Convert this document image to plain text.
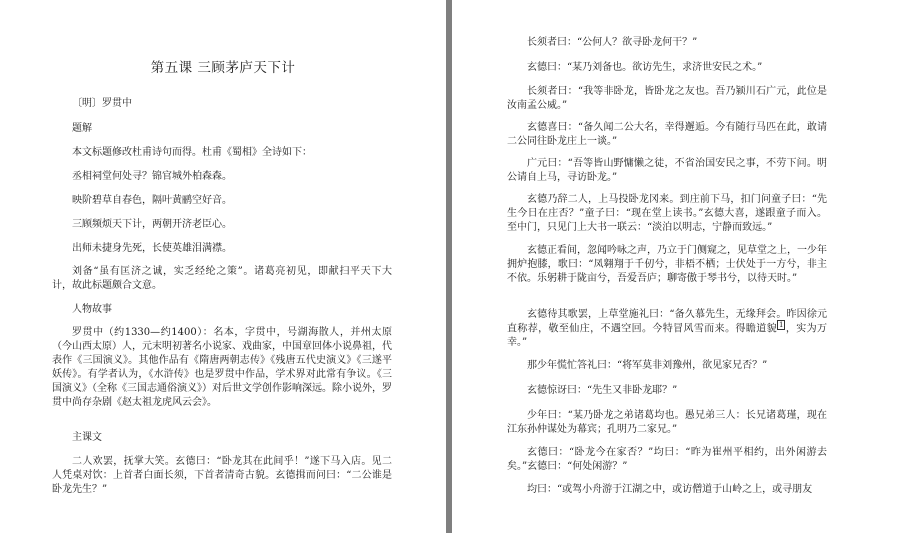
第五课 三顾茅庐天下计
〔明〕罗贯中
题解
本文标题修改杜甫诗句而得。杜甫《蜀相》全诗如下：
丞相祠堂何处寻？锦官城外柏森森。
映阶碧草自春色，隔叶黄鹂空好音。
三顾频烦天下计，两朝开济老臣心。
出师未捷身先死，长使英雄泪满襟。

刘备“虽有匡济之诚，实乏经纶之策”。诸葛亮初见，即献扫平天下大计，故此标题颇合文意。

人物故事

罗贯中（约1330—约1400）：名本，字贯中，号湖海散人，并州太原（今山西太原）人，元末明初著名小说家、戏曲家，中国章回体小说鼻祖，代表作《三国演义》。其他作品有《隋唐两朝志传》《残唐五代史演义》《三遂平妖传》。有学者认为，《水浒传》也是罗贯中作品，学术界对此常有争议。《三国演义》（全称《三国志通俗演义》）对后世文学创作影响深远。除小说外，罗贯中尚存杂剧《赵太祖龙虎风云会》。

主课文

二人欢罢，抚掌大笑。玄德曰：“卧龙其在此间乎！”遂下马入店。见二人凭桌对饮：上首者白面长须，下首者清奇古貌。玄德揖而问曰：“二公谁是卧龙先生？”

长须者曰：“公何人？欲寻卧龙何干？”

玄德曰：“某乃刘备也。欲访先生，求济世安民之术。”

长须者曰：“我等非卧龙，皆卧龙之友也。吾乃颍川石广元，此位是汝南孟公威。”

玄德喜曰：“备久闻二公大名，幸得邂逅。今有随行马匹在此，敢请二公同往卧龙庄上一谈。”

广元曰：“吾等皆山野慵懒之徒，不省治国安民之事，不劳下问。明公请自上马，寻访卧龙。”

玄德乃辞二人，上马投卧龙冈来。到庄前下马，扣门问童子曰：“先生今日在庄否？”童子曰：“现在堂上读书。”玄德大喜，遂跟童子而入。至中门，只见门上大书一联云：“淡泊以明志，宁静而致远。”

玄德正看间，忽闻吟咏之声，乃立于门侧窥之，见草堂之上，一少年拥炉抱膝，歌曰：“凤翱翔于千仞兮，非梧不栖；士伏处于一方兮，非主不依。乐躬耕于陇亩兮，吾爱吾庐；聊寄傲于琴书兮，以待天时。”

玄德待其歌罢，上草堂施礼曰：“备久慕先生，无缘拜会。昨因徐元直称荐，敬至仙庄，不遇空回。今特冒风雪而来。得瞻道貌 $^1$ ，实为万幸。”

那少年慌忙答礼曰：“将军莫非刘豫州，欲见家兄否？”

玄德惊讶曰：“先生又非卧龙耶？”

少年曰：“某乃卧龙之弟诸葛均也。愚兄弟三人：长兄诸葛瑾，现在江东孙仲谋处为幕宾；孔明乃二家兄。”

玄德曰：“卧龙今在家否？”均曰：“昨为崔州平相约，出外闲游去矣。”玄德曰：“何处闲游？”

均曰：“或驾小舟游于江湖之中，或访僧道于山岭之上，或寻朋友
